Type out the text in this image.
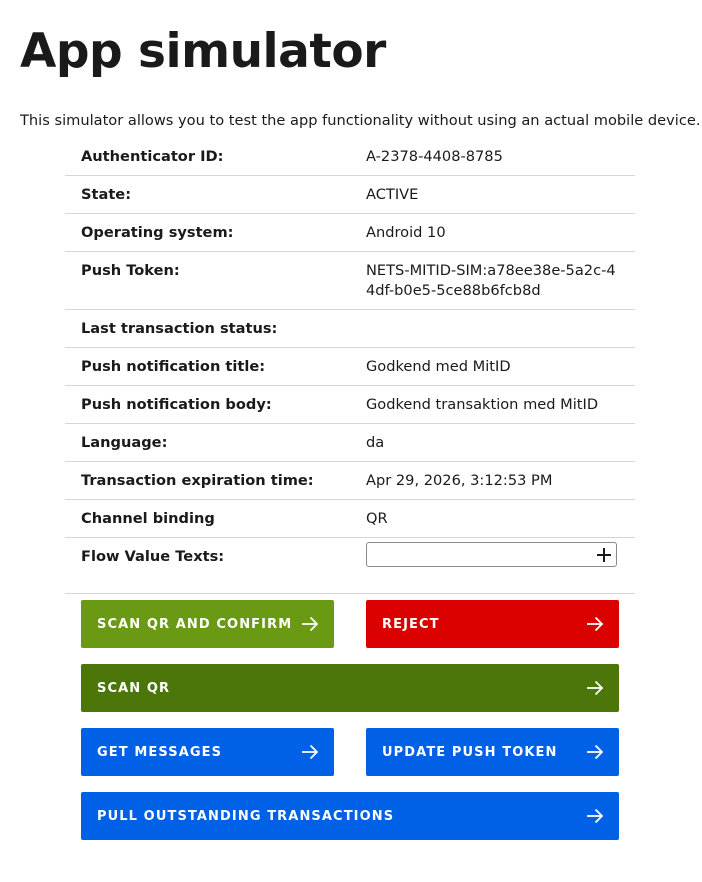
App simulator

This simulator allows you to test the app functionality without using an actual mobile device.

Authenticator ID:	A-2378-4408-8785
State:	ACTIVE
Operating system:	Android 10
Push Token:	NETS-MITID-SIM:a78ee38e-5a2c-44df-b0e5-5ce88b6fcb8d
Last transaction status:	
Push notification title:	Godkend med MitID
Push notification body:	Godkend transaktion med MitID
Language:	da
Transaction expiration time:	Apr 29, 2026, 3:12:53 PM
Channel binding	QR
Flow Value Texts:	
SCAN QR AND CONFIRM	REJECT
SCAN QR
GET MESSAGES	UPDATE PUSH TOKEN
PULL OUTSTANDING TRANSACTIONS
